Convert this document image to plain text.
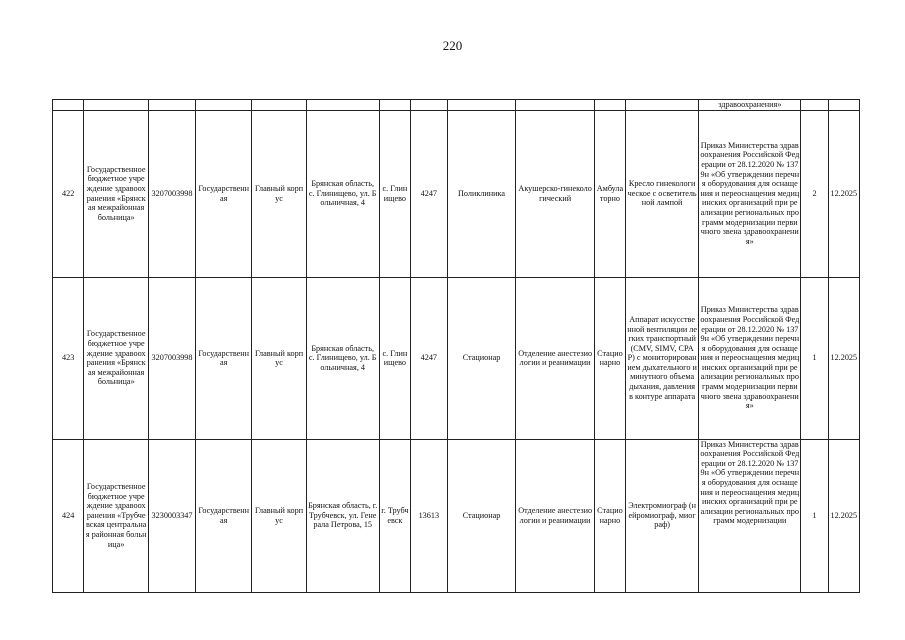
220
												здравоохранения»		
422	Государственное бюджетное учреждение здравоохранения «Брянская межрайонная больница»	3207003998	Государственная	Главный корпус	Брянская область, с. Глинищево, ул. Больничная, 4	с. Глинищево	4247	Поликлиника	Акушерско-гинекологический	Амбулаторно	Кресло гинекологическое с осветительной лампой	Приказ Министерства здравоохранения Российской Федерации от 28.12.2020 № 1379н «Об утверждении перечня оборудования для оснащения и переоснащения медицинских организаций при реализации региональных программ модернизации первичного звена здравоохранения»	2	12.2025
423	Государственное бюджетное учреждение здравоохранения «Брянская межрайонная больница»	3207003998	Государственная	Главный корпус	Брянская область, с. Глинищево, ул. Больничная, 4	с. Глинищево	4247	Стационар	Отделение анестезиологии и реанимации	Стационарно	Аппарат искусственной вентиляции легких транспортный (CMV, SIMV, CPAP) с мониторированием дыхательного и минутного объема дыхания, давления в контуре аппарата	Приказ Министерства здравоохранения Российской Федерации от 28.12.2020 № 1379н «Об утверждении перечня оборудования для оснащения и переоснащения медицинских организаций при реализации региональных программ модернизации первичного звена здравоохранения»	1	12.2025
424	Государственное бюджетное учреждение здравоохранения «Трубчевская центральная районная больница»	3230003347	Государственная	Главный корпус	Брянская область, г. Трубчевск, ул. Генерала Петрова, 15	г. Трубчевск	13613	Стационар	Отделение анестезиологии и реанимации	Стационарно	Электромиограф (нейромиограф, миограф)	Приказ Министерства здравоохранения Российской Федерации от 28.12.2020 № 1379н «Об утверждении перечня оборудования для оснащения и переоснащения медицинских организаций при реализации региональных программ модернизации	1	12.2025
